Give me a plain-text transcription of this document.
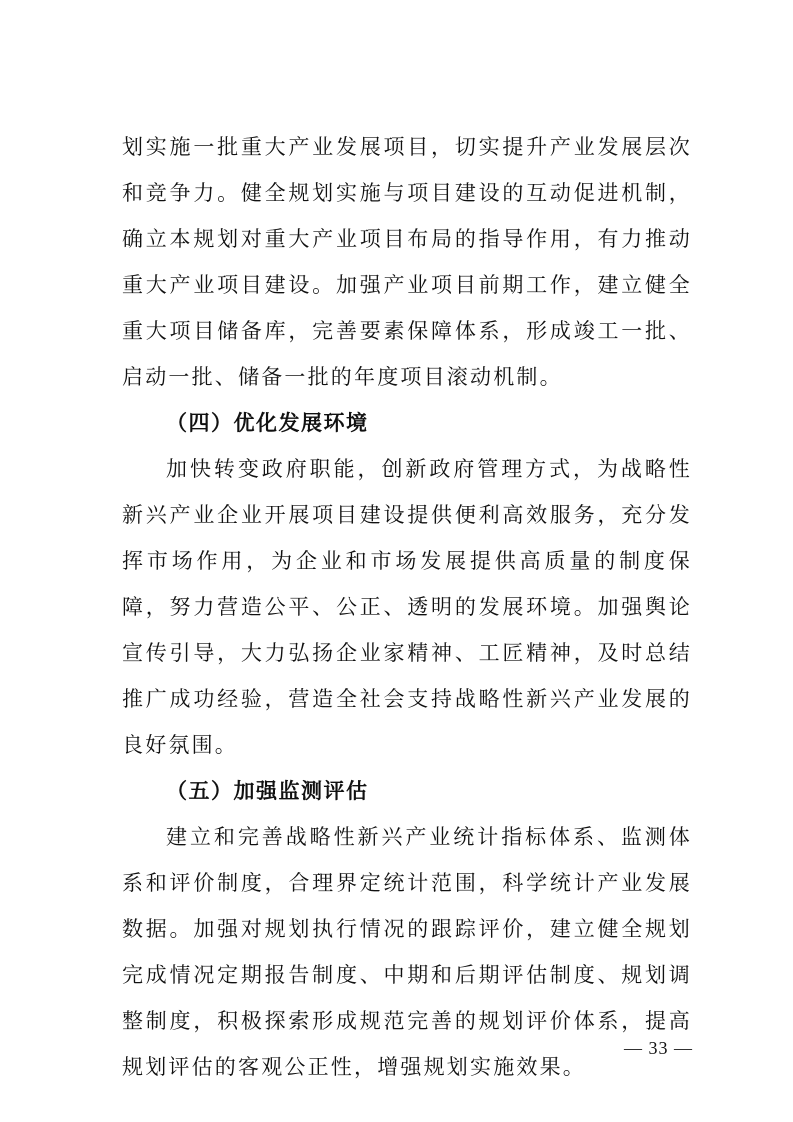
划实施一批重大产业发展项目，切实提升产业发展层次和竞争力。健全规划实施与项目建设的互动促进机制，确立本规划对重大产业项目布局的指导作用，有力推动重大产业项目建设。加强产业项目前期工作，建立健全重大项目储备库，完善要素保障体系，形成竣工一批、启动一批、储备一批的年度项目滚动机制。

（四）优化发展环境

加快转变政府职能，创新政府管理方式，为战略性新兴产业企业开展项目建设提供便利高效服务，充分发挥市场作用，为企业和市场发展提供高质量的制度保障，努力营造公平、公正、透明的发展环境。加强舆论宣传引导，大力弘扬企业家精神、工匠精神，及时总结推广成功经验，营造全社会支持战略性新兴产业发展的良好氛围。

（五）加强监测评估

建立和完善战略性新兴产业统计指标体系、监测体系和评价制度，合理界定统计范围，科学统计产业发展数据。加强对规划执行情况的跟踪评价，建立健全规划完成情况定期报告制度、中期和后期评估制度、规划调整制度，积极探索形成规范完善的规划评价体系，提高规划评估的客观公正性，增强规划实施效果。

— 33 —
